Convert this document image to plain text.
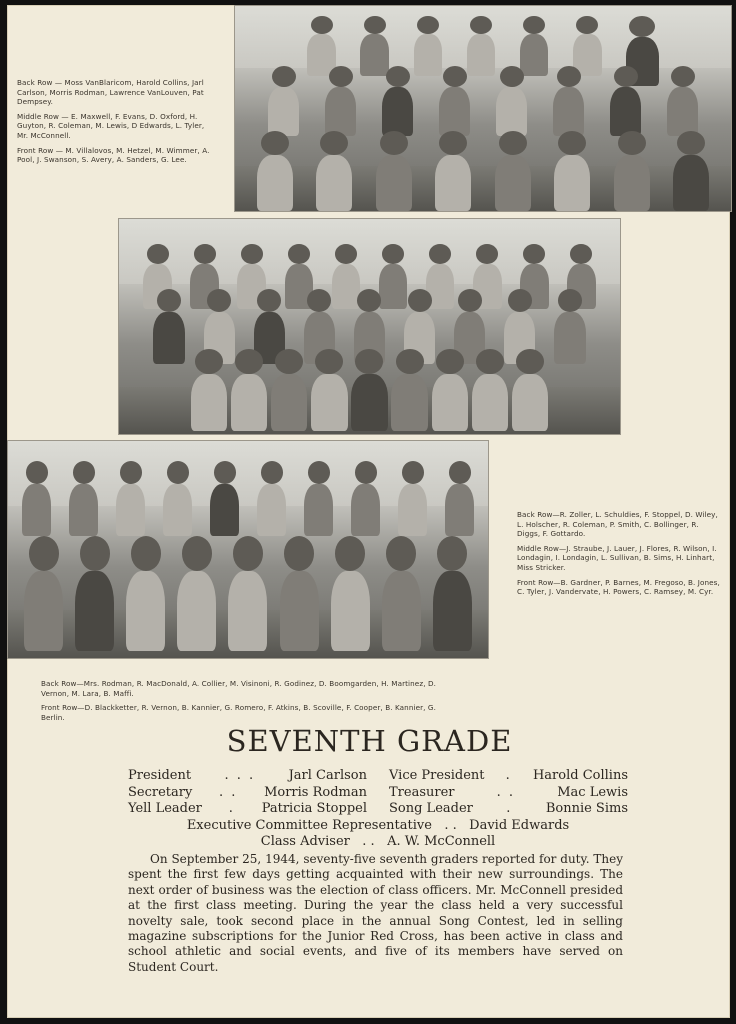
Back Row — Moss VanBlaricom, Harold Collins, Jarl Carlson, Morris Rodman, Lawrence VanLouven, Pat Dempsey.

Middle Row — E. Maxwell, F. Evans, D. Oxford, H. Guyton, R. Coleman, M. Lewis, D Edwards, L. Tyler, Mr. McConnell.

Front Row — M. Villalovos, M. Hetzel, M. Wimmer, A. Pool, J. Swanson, S. Avery, A. Sanders, G. Lee.

Back Row—R. Zoller, L. Schuldies, F. Stoppel, D. Wiley, L. Holscher, R. Coleman, P. Smith, C. Bollinger, R. Diggs, F. Gottardo.

Middle Row—J. Straube, J. Lauer, J. Flores, R. Wilson, I. Londagin, I. Londagin, L. Sullivan, B. Sims, H. Linhart, Miss Stricker.

Front Row—B. Gardner, P. Barnes, M. Fregoso, B. Jones, C. Tyler, J. Vandervate, H. Powers, C. Ramsey, M. Cyr.

Back Row—Mrs. Rodman, R. MacDonald, A. Collier, M. Visinoni, R. Godinez, D. Boomgarden, H. Martinez, D. Vernon, M. Lara, B. Maffi.

Front Row—D. Blackketter, R. Vernon, B. Kannier, G. Romero, F. Atkins, B. Scoville, F. Cooper, B. Kannier, G. Berlin.

SEVENTH GRADE
President	. . .	Jarl Carlson Vice President	.	Harold Collins
Secretary	. .	Morris Rodman Treasurer	. .	Mac Lewis
Yell Leader	.	Patricia Stoppel Song Leader	.	Bonnie Sims
Executive Committee Representative . . David Edwards
Class Adviser . . A. W. McConnell

On September 25, 1944, seventy-five seventh graders reported for duty. They spent the first few days getting acquainted with their new surroundings. The next order of business was the election of class officers. Mr. McConnell presided at the first class meeting. During the year the class held a very successful novelty sale, took second place in the annual Song Contest, led in selling magazine subscriptions for the Junior Red Cross, has been active in class and school athletic and social events, and five of its members have served on Student Court.
